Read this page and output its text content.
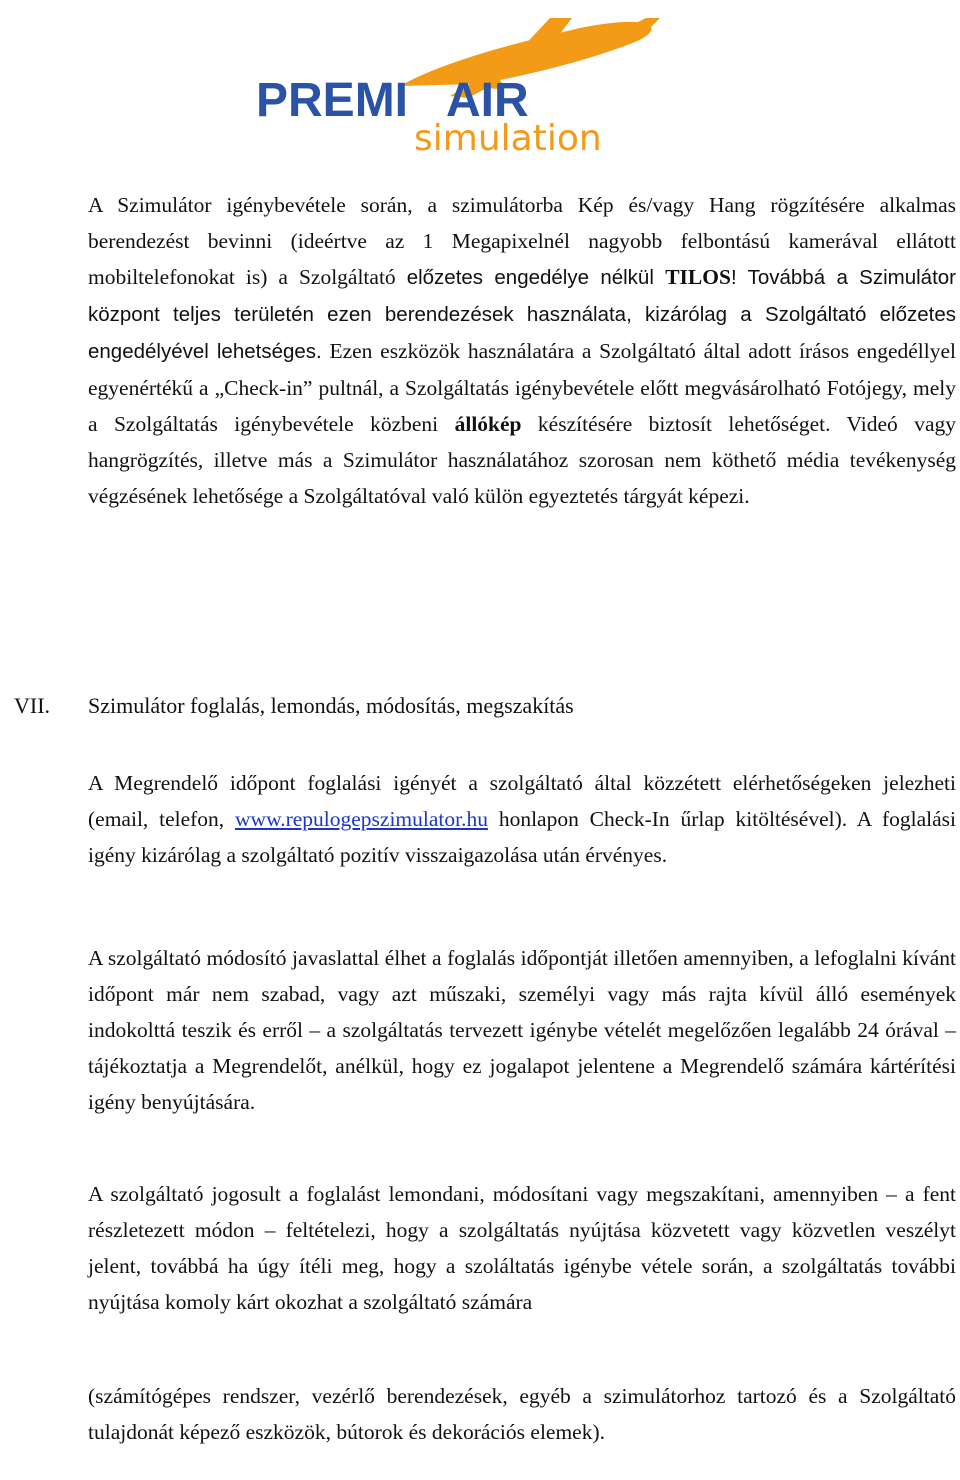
PREMI AIR
simulation

A Szimulátor igénybevétele során, a szimulátorba Kép és/vagy Hang rögzítésére alkalmas berendezést bevinni (ideértve az 1 Megapixelnél nagyobb felbontású kamerával ellátott mobiltelefonokat is) a Szolgáltató előzetes engedélye nélkül TILOS! Továbbá a Szimulátor központ teljes területén ezen berendezések használata, kizárólag a Szolgáltató előzetes engedélyével lehetséges. Ezen eszközök használatára a Szolgáltató által adott írásos engedéllyel egyenértékű a „Check-in” pultnál, a Szolgáltatás igénybevétele előtt megvásárolható Fotójegy, mely a Szolgáltatás igénybevétele közbeni állókép készítésére biztosít lehetőséget. Videó vagy hangrögzítés, illetve más a Szimulátor használatához szorosan nem köthető média tevékenység végzésének lehetősége a Szolgáltatóval való külön egyeztetés tárgyát képezi.

VII. Szimulátor foglalás, lemondás, módosítás, megszakítás

A Megrendelő időpont foglalási igényét a szolgáltató által közzétett elérhetőségeken jelezheti (email, telefon, www.repulogepszimulator.hu honlapon Check-In űrlap kitöltésével). A foglalási igény kizárólag a szolgáltató pozitív visszaigazolása után érvényes.

A szolgáltató módosító javaslattal élhet a foglalás időpontját illetően amennyiben, a lefoglalni kívánt időpont már nem szabad, vagy azt műszaki, személyi vagy más rajta kívül álló események indokolttá teszik és erről – a szolgáltatás tervezett igénybe vételét megelőzően legalább 24 órával – tájékoztatja a Megrendelőt, anélkül, hogy ez jogalapot jelentene a Megrendelő számára kártérítési igény benyújtására.

A szolgáltató jogosult a foglalást lemondani, módosítani vagy megszakítani, amennyiben – a fent részletezett módon – feltételezi, hogy a szolgáltatás nyújtása közvetett vagy közvetlen veszélyt jelent, továbbá ha úgy ítéli meg, hogy a szoláltatás igénybe vétele során, a szolgáltatás további nyújtása komoly kárt okozhat a szolgáltató számára

(számítógépes rendszer, vezérlő berendezések, egyéb a szimulátorhoz tartozó és a Szolgáltató tulajdonát képező eszközök, bútorok és dekorációs elemek).
